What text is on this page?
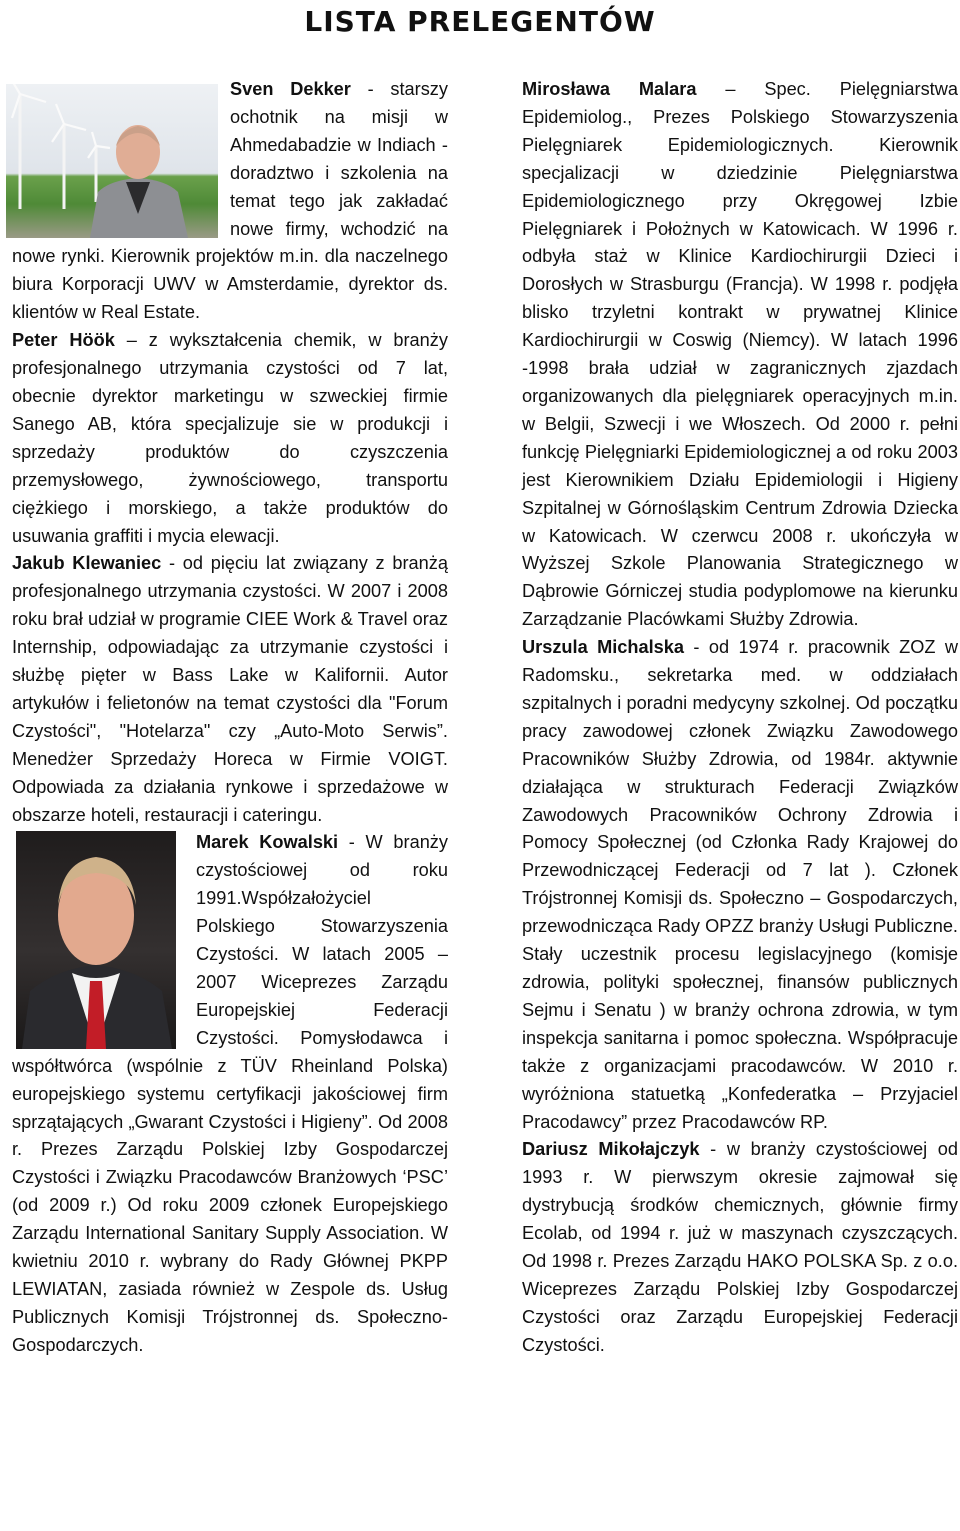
LISTA PRELEGENTÓW

Sven Dekker - starszy ochotnik na misji w Ahmedabadzie w Indiach - doradztwo i szkolenia na temat tego jak zakładać nowe firmy, wchodzić na nowe rynki. Kierownik projektów m.in. dla naczelnego biura Korporacji UWV w Amsterdamie, dyrektor ds. klientów w Real Estate.

Peter Höök – z wykształcenia chemik, w branży profesjonalnego utrzymania czystości od 7 lat, obecnie dyrektor marketingu w szweckiej firmie Sanego AB, która specjalizuje sie w produkcji i sprzedaży produktów do czyszczenia przemysłowego, żywnościowego, transportu ciężkiego i morskiego, a także produktów do usuwania graffiti i mycia elewacji.

Jakub Klewaniec - od pięciu lat związany z branżą profesjonalnego utrzymania czystości. W 2007 i 2008 roku brał udział w programie CIEE Work & Travel oraz Internship, odpowiadając za utrzymanie czystości i służbę pięter w Bass Lake w Kalifornii. Autor artykułów i felietonów na temat czystości dla "Forum Czystości", "Hotelarza" czy „Auto-Moto Serwis”. Menedżer Sprzedaży Horeca w Firmie VOIGT. Odpowiada za działania rynkowe i sprzedażowe w obszarze hoteli, restauracji i cateringu.

Marek Kowalski - W branży czystościowej od roku 1991.Współzałożyciel Polskiego Stowarzyszenia Czystości. W latach 2005 – 2007 Wiceprezes Zarządu Europejskiej Federacji Czystości. Pomysłodawca i współtwórca (wspólnie z TÜV Rheinland Polska) europejskiego systemu certyfikacji jakościowej firm sprzątających „Gwarant Czystości i Higieny”. Od 2008 r. Prezes Zarządu Polskiej Izby Gospodarczej Czystości i Związku Pracodawców Branżowych ‘PSC’ (od 2009 r.) Od roku 2009 członek Europejskiego Zarządu International Sanitary Supply Association. W kwietniu 2010 r. wybrany do Rady Głównej PKPP LEWIATAN, zasiada również w Zespole ds. Usług Publicznych Komisji Trójstronnej ds. Społeczno-Gospodarczych.

Mirosława Malara – Spec. Pielęgniarstwa Epidemiolog., Prezes Polskiego Stowarzyszenia Pielęgniarek Epidemiologicznych. Kierownik specjalizacji w dziedzinie Pielęgniarstwa Epidemiologicznego przy Okręgowej Izbie Pielęgniarek i Położnych w Katowicach. W 1996 r. odbyła staż w Klinice Kardiochirurgii Dzieci i Dorosłych w Strasburgu (Francja). W 1998 r. podjęła blisko trzyletni kontrakt w prywatnej Klinice Kardiochirurgii w Coswig (Niemcy). W latach 1996 -1998 brała udział w zagranicznych zjazdach organizowanych dla pielęgniarek operacyjnych m.in. w Belgii, Szwecji i we Włoszech. Od 2000 r. pełni funkcję Pielęgniarki Epidemiologicznej a od roku 2003 jest Kierownikiem Działu Epidemiologii i Higieny Szpitalnej w Górnośląskim Centrum Zdrowia Dziecka w Katowicach. W czerwcu 2008 r. ukończyła w Wyższej Szkole Planowania Strategicznego w Dąbrowie Górniczej studia podyplomowe na kierunku Zarządzanie Placówkami Służby Zdrowia.

Urszula Michalska - od 1974 r. pracownik ZOZ w Radomsku., sekretarka med. w oddziałach szpitalnych i poradni medycyny szkolnej. Od początku pracy zawodowej członek Związku Zawodowego Pracowników Służby Zdrowia, od 1984r. aktywnie działająca w strukturach Federacji Związków Zawodowych Pracowników Ochrony Zdrowia i Pomocy Społecznej (od Członka Rady Krajowej do Przewodniczącej Federacji od 7 lat ). Członek Trójstronnej Komisji ds. Społeczno – Gospodarczych, przewodnicząca Rady OPZZ branży Usługi Publiczne. Stały uczestnik procesu legislacyjnego (komisje zdrowia, polityki społecznej, finansów publicznych Sejmu i Senatu ) w branży ochrona zdrowia, w tym inspekcja sanitarna i pomoc społeczna. Współpracuje także z organizacjami pracodawców. W 2010 r. wyróżniona statuetką „Konfederatka – Przyjaciel Pracodawcy” przez Pracodawców RP.

Dariusz Mikołajczyk - w branży czystościowej od 1993 r. W pierwszym okresie zajmował się dystrybucją środków chemicznych, głównie firmy Ecolab, od 1994 r. już w maszynach czyszczących. Od 1998 r. Prezes Zarządu HAKO POLSKA Sp. z o.o. Wiceprezes Zarządu Polskiej Izby Gospodarczej Czystości oraz Zarządu Europejskiej Federacji Czystości.
